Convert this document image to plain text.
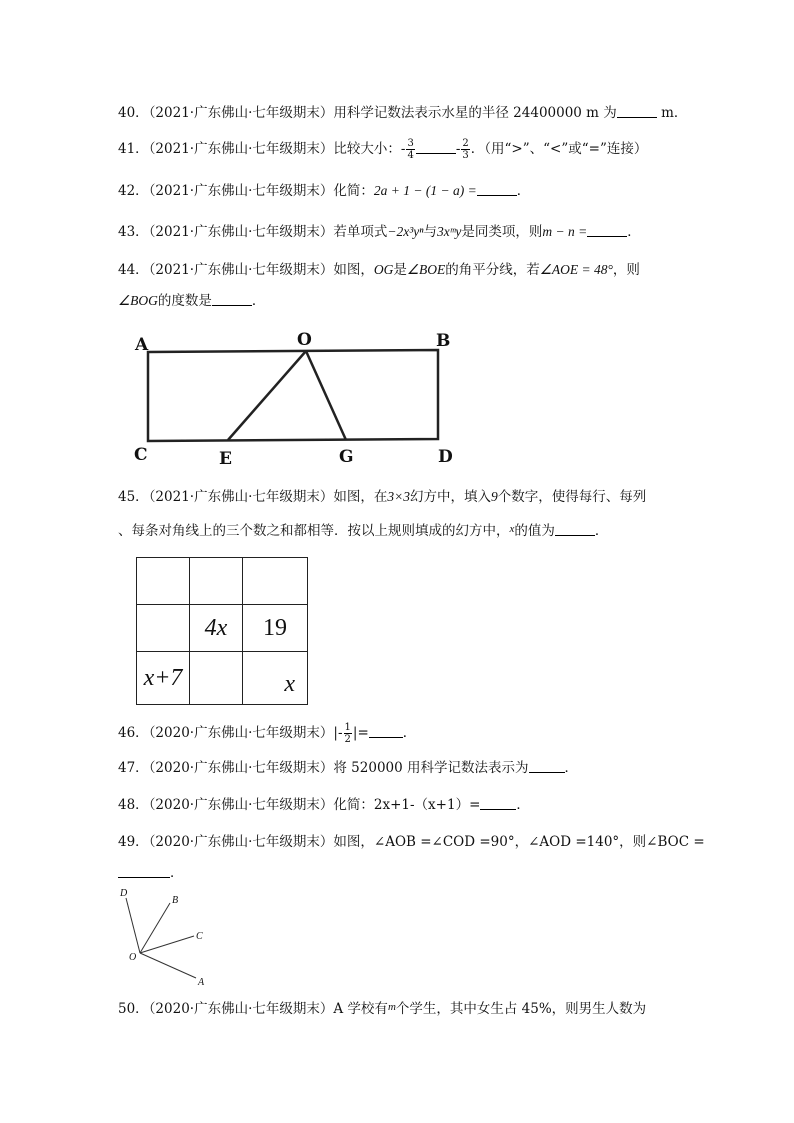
40．（2021·广东佛山·七年级期末）用科学记数法表示水星的半径 24400000 m 为	m．
41．（2021·广东佛山·七年级期末）比较大小：- $\frac{3}{4}$	- $\frac{2}{3}$ ．（用“>”、“<”或“=”连接）
42．（2021·广东佛山·七年级期末）化简：2a + 1 − (1 − a) =	．
43．（2021·广东佛山·七年级期末）若单项式−2x³yⁿ与3xᵐy是同类项，则m − n =	．
44．（2021·广东佛山·七年级期末）如图，OG是∠BOE的角平分线，若∠AOE = 48°，则
∠BOG的度数是	．
A	O	B
C	E	G	D
45．（2021·广东佛山·七年级期末）如图，在3×3幻方中，填入9个数字，使得每行、每列
、每条对角线上的三个数之和都相等．按以上规则填成的幻方中，$^x$的值为	．

	4x	19
x+7		x
46．（2020·广东佛山·七年级期末）|- $\frac{1}{2}$ |=	．
47．（2020·广东佛山·七年级期末）将 520000 用科学记数法表示为	．
48．（2020·广东佛山·七年级期末）化简：2x+1-（x+1）=	．
49．（2020·广东佛山·七年级期末）如图，∠AOB =∠COD =90°，∠AOD =140°，则∠BOC =
．
D
B
C
O
A
50．（2020·广东佛山·七年级期末）A 学校有$^m$个学生，其中女生占 45%，则男生人数为
